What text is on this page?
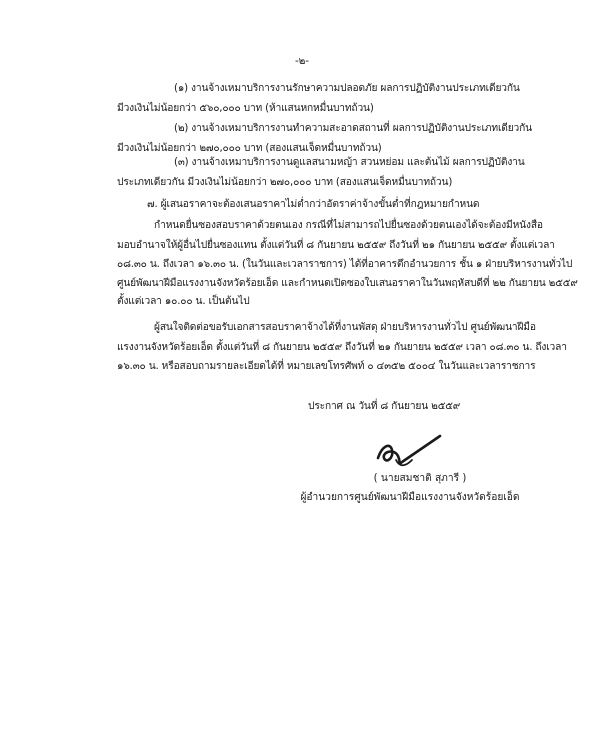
-๒-
(๑) งานจ้างเหมาบริการงานรักษาความปลอดภัย ผลการปฏิบัติงานประเภทเดียวกัน
มีวงเงินไม่น้อยกว่า ๕๖๐,๐๐๐ บาท (ห้าแสนหกหมื่นบาทถ้วน)
(๒) งานจ้างเหมาบริการงานทำความสะอาดสถานที่ ผลการปฏิบัติงานประเภทเดียวกัน
มีวงเงินไม่น้อยกว่า ๒๗๐,๐๐๐ บาท (สองแสนเจ็ดหมื่นบาทถ้วน)
(๓) งานจ้างเหมาบริการงานดูแลสนามหญ้า สวนหย่อม และต้นไม้ ผลการปฏิบัติงาน
ประเภทเดียวกัน มีวงเงินไม่น้อยกว่า ๒๗๐,๐๐๐ บาท (สองแสนเจ็ดหมื่นบาทถ้วน)
๗. ผู้เสนอราคาจะต้องเสนอราคาไม่ต่ำกว่าอัตราค่าจ้างขั้นต่ำที่กฎหมายกำหนด
กำหนดยื่นซองสอบราคาด้วยตนเอง กรณีที่ไม่สามารถไปยื่นซองด้วยตนเองได้จะต้องมีหนังสือ
มอบอำนาจให้ผู้อื่นไปยื่นซองแทน ตั้งแต่วันที่ ๘ กันยายน ๒๕๕๙ ถึงวันที่ ๒๑ กันยายน ๒๕๕๙ ตั้งแต่เวลา
๐๘.๓๐ น. ถึงเวลา ๑๖.๓๐ น. (ในวันและเวลาราชการ) ได้ที่อาคารตึกอำนวยการ ชั้น ๑ ฝ่ายบริหารงานทั่วไป
ศูนย์พัฒนาฝีมือแรงงานจังหวัดร้อยเอ็ด และกำหนดเปิดซองใบเสนอราคาในวันพฤหัสบดีที่ ๒๒ กันยายน ๒๕๕๙
ตั้งแต่เวลา ๑๐.๐๐ น. เป็นต้นไป
ผู้สนใจติดต่อขอรับเอกสารสอบราคาจ้างได้ที่งานพัสดุ ฝ่ายบริหารงานทั่วไป ศูนย์พัฒนาฝีมือ
แรงงานจังหวัดร้อยเอ็ด ตั้งแต่วันที่ ๘ กันยายน ๒๕๕๙ ถึงวันที่ ๒๑ กันยายน ๒๕๕๙ เวลา ๐๘.๓๐ น. ถึงเวลา
๑๖.๓๐ น. หรือสอบถามรายละเอียดได้ที่ หมายเลขโทรศัพท์ ๐ ๔๓๕๒ ๕๐๐๔ ในวันและเวลาราชการ
ประกาศ ณ วันที่ ๘ กันยายน ๒๕๕๙
( นายสมชาติ สุภารี )
ผู้อำนวยการศูนย์พัฒนาฝีมือแรงงานจังหวัดร้อยเอ็ด
